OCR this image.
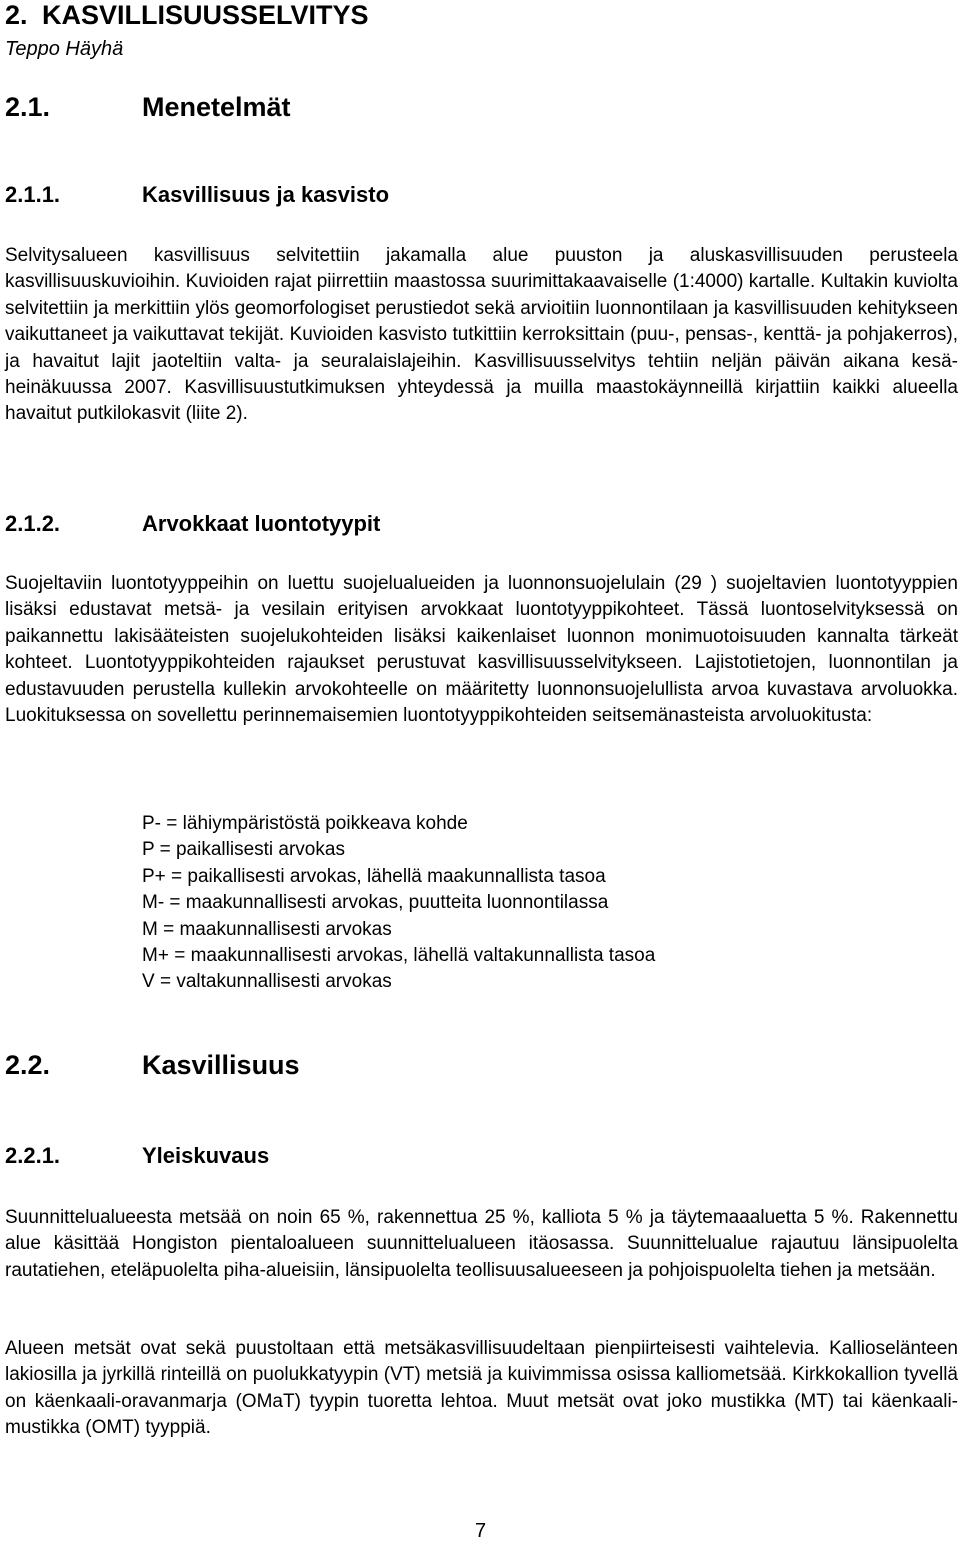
2. KASVILLISUUSSELVITYS
Teppo Häyhä
2.1.	Menetelmät
2.1.1.	Kasvillisuus ja kasvisto

Selvitysalueen kasvillisuus selvitettiin jakamalla alue puuston ja aluskasvillisuuden perusteela kasvillisuuskuvioihin. Kuvioiden rajat piirrettiin maastossa suurimittakaavaiselle (1:4000) kartalle. Kultakin kuviolta selvitettiin ja merkittiin ylös geomorfologiset perustiedot sekä arvioitiin luonnontilaan ja kasvillisuuden kehitykseen vaikuttaneet ja vaikuttavat tekijät. Kuvioiden kasvisto tutkittiin kerroksittain (puu-, pensas-, kenttä- ja pohjakerros), ja havaitut lajit jaoteltiin valta- ja seuralaislajeihin. Kasvillisuusselvitys tehtiin neljän päivän aikana kesä-heinäkuussa 2007. Kasvillisuustutkimuksen yhteydessä ja muilla maastokäynneillä kirjattiin kaikki alueella havaitut putkilokasvit (liite 2).

2.1.2.	Arvokkaat luontotyypit

Suojeltaviin luontotyyppeihin on luettu suojelualueiden ja luonnonsuojelulain (29 ) suojeltavien luontotyyppien lisäksi edustavat metsä- ja vesilain erityisen arvokkaat luontotyyppikohteet. Tässä luontoselvityksessä on paikannettu lakisääteisten suojelukohteiden lisäksi kaikenlaiset luonnon monimuotoisuuden kannalta tärkeät kohteet. Luontotyyppikohteiden rajaukset perustuvat kasvillisuusselvitykseen. Lajistotietojen, luonnontilan ja edustavuuden perustella kullekin arvokohteelle on määritetty luonnonsuojelullista arvoa kuvastava arvoluokka. Luokituksessa on sovellettu perinnemaisemien luontotyyppikohteiden seitsemänasteista arvoluokitusta:

P- = lähiympäristöstä poikkeava kohde
P = paikallisesti arvokas
P+ = paikallisesti arvokas, lähellä maakunnallista tasoa
M- = maakunnallisesti arvokas, puutteita luonnontilassa
M = maakunnallisesti arvokas
M+ = maakunnallisesti arvokas, lähellä valtakunnallista tasoa
V = valtakunnallisesti arvokas
2.2.	Kasvillisuus
2.2.1.	Yleiskuvaus

Suunnittelualueesta metsää on noin 65 %, rakennettua 25 %, kalliota 5 % ja täytemaaaluetta 5 %. Rakennettu alue käsittää Hongiston pientaloalueen suunnittelualueen itäosassa. Suunnittelualue rajautuu länsipuolelta rautatiehen, eteläpuolelta piha-alueisiin, länsipuolelta teollisuusalueeseen ja pohjoispuolelta tiehen ja metsään.

Alueen metsät ovat sekä puustoltaan että metsäkasvillisuudeltaan pienpiirteisesti vaihtelevia. Kallioselänteen lakiosilla ja jyrkillä rinteillä on puolukkatyypin (VT) metsiä ja kuivimmissa osissa kalliometsää. Kirkkokallion tyvellä on käenkaali-oravanmarja (OMaT) tyypin tuoretta lehtoa. Muut metsät ovat joko mustikka (MT) tai käenkaali-mustikka (OMT) tyyppiä.

7
